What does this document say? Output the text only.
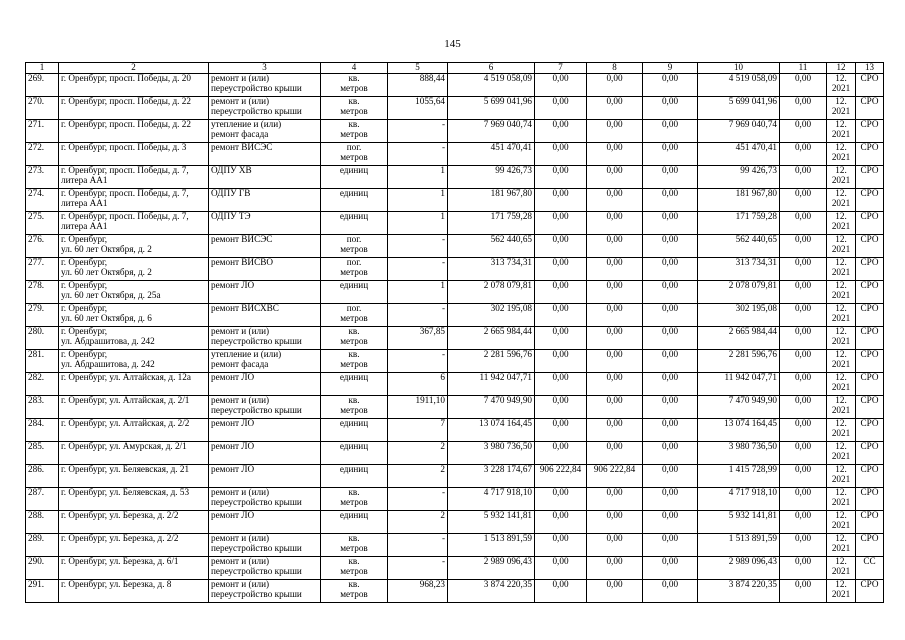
145
1	2	3	4	5	6	7	8	9	10	11	12	13
269.	г. Оренбург, просп. Победы, д. 20	ремонт и (или)
переустройство крыши	кв.
метров	888,44	4 519 058,09	0,00	0,00	0,00	4 519 058,09	0,00	12.
2021	СРО
270.	г. Оренбург, просп. Победы, д. 22	ремонт и (или)
переустройство крыши	кв.
метров	1055,64	5 699 041,96	0,00	0,00	0,00	5 699 041,96	0,00	12.
2021	СРО
271.	г. Оренбург, просп. Победы, д. 22	утепление и (или)
ремонт фасада	кв.
метров	-	7 969 040,74	0,00	0,00	0,00	7 969 040,74	0,00	12.
2021	СРО
272.	г. Оренбург, просп. Победы, д. 3	ремонт ВИСЭС	пог.
метров	-	451 470,41	0,00	0,00	0,00	451 470,41	0,00	12.
2021	СРО
273.	г. Оренбург, просп. Победы, д. 7,
литера АА1	ОДПУ ХВ	единиц	1	99 426,73	0,00	0,00	0,00	99 426,73	0,00	12.
2021	СРО
274.	г. Оренбург, просп. Победы, д. 7,
литера АА1	ОДПУ ГВ	единиц	1	181 967,80	0,00	0,00	0,00	181 967,80	0,00	12.
2021	СРО
275.	г. Оренбург, просп. Победы, д. 7,
литера АА1	ОДПУ ТЭ	единиц	1	171 759,28	0,00	0,00	0,00	171 759,28	0,00	12.
2021	СРО
276.	г. Оренбург,
ул. 60 лет Октября, д. 2	ремонт ВИСЭС	пог.
метров	-	562 440,65	0,00	0,00	0,00	562 440,65	0,00	12.
2021	СРО
277.	г. Оренбург,
ул. 60 лет Октября, д. 2	ремонт ВИСВО	пог.
метров	-	313 734,31	0,00	0,00	0,00	313 734,31	0,00	12.
2021	СРО
278.	г. Оренбург,
ул. 60 лет Октября, д. 25а	ремонт ЛО	единиц	1	2 078 079,81	0,00	0,00	0,00	2 078 079,81	0,00	12.
2021	СРО
279.	г. Оренбург,
ул. 60 лет Октября, д. 6	ремонт ВИСХВС	пог.
метров	-	302 195,08	0,00	0,00	0,00	302 195,08	0,00	12.
2021	СРО
280.	г. Оренбург,
ул. Абдрашитова, д. 242	ремонт и (или)
переустройство крыши	кв.
метров	367,85	2 665 984,44	0,00	0,00	0,00	2 665 984,44	0,00	12.
2021	СРО
281.	г. Оренбург,
ул. Абдрашитова, д. 242	утепление и (или)
ремонт фасада	кв.
метров	-	2 281 596,76	0,00	0,00	0,00	2 281 596,76	0,00	12.
2021	СРО
282.	г. Оренбург, ул. Алтайская, д. 12а	ремонт ЛО	единиц	6	11 942 047,71	0,00	0,00	0,00	11 942 047,71	0,00	12.
2021	СРО
283.	г. Оренбург, ул. Алтайская, д. 2/1	ремонт и (или)
переустройство крыши	кв.
метров	1911,10	7 470 949,90	0,00	0,00	0,00	7 470 949,90	0,00	12.
2021	СРО
284.	г. Оренбург, ул. Алтайская, д. 2/2	ремонт ЛО	единиц	7	13 074 164,45	0,00	0,00	0,00	13 074 164,45	0,00	12.
2021	СРО
285.	г. Оренбург, ул. Амурская, д. 2/1	ремонт ЛО	единиц	2	3 980 736,50	0,00	0,00	0,00	3 980 736,50	0,00	12.
2021	СРО
286.	г. Оренбург, ул. Беляевская, д. 21	ремонт ЛО	единиц	2	3 228 174,67	906 222,84	906 222,84	0,00	1 415 728,99	0,00	12.
2021	СРО
287.	г. Оренбург, ул. Беляевская, д. 53	ремонт и (или)
переустройство крыши	кв.
метров	-	4 717 918,10	0,00	0,00	0,00	4 717 918,10	0,00	12.
2021	СРО
288.	г. Оренбург, ул. Березка, д. 2/2	ремонт ЛО	единиц	2	5 932 141,81	0,00	0,00	0,00	5 932 141,81	0,00	12.
2021	СРО
289.	г. Оренбург, ул. Березка, д. 2/2	ремонт и (или)
переустройство крыши	кв.
метров	-	1 513 891,59	0,00	0,00	0,00	1 513 891,59	0,00	12.
2021	СРО
290.	г. Оренбург, ул. Березка, д. 6/1	ремонт и (или)
переустройство крыши	кв.
метров	-	2 989 096,43	0,00	0,00	0,00	2 989 096,43	0,00	12.
2021	СС
291.	г. Оренбург, ул. Березка, д. 8	ремонт и (или)
переустройство крыши	кв.
метров	968,23	3 874 220,35	0,00	0,00	0,00	3 874 220,35	0,00	12.
2021	СРО
